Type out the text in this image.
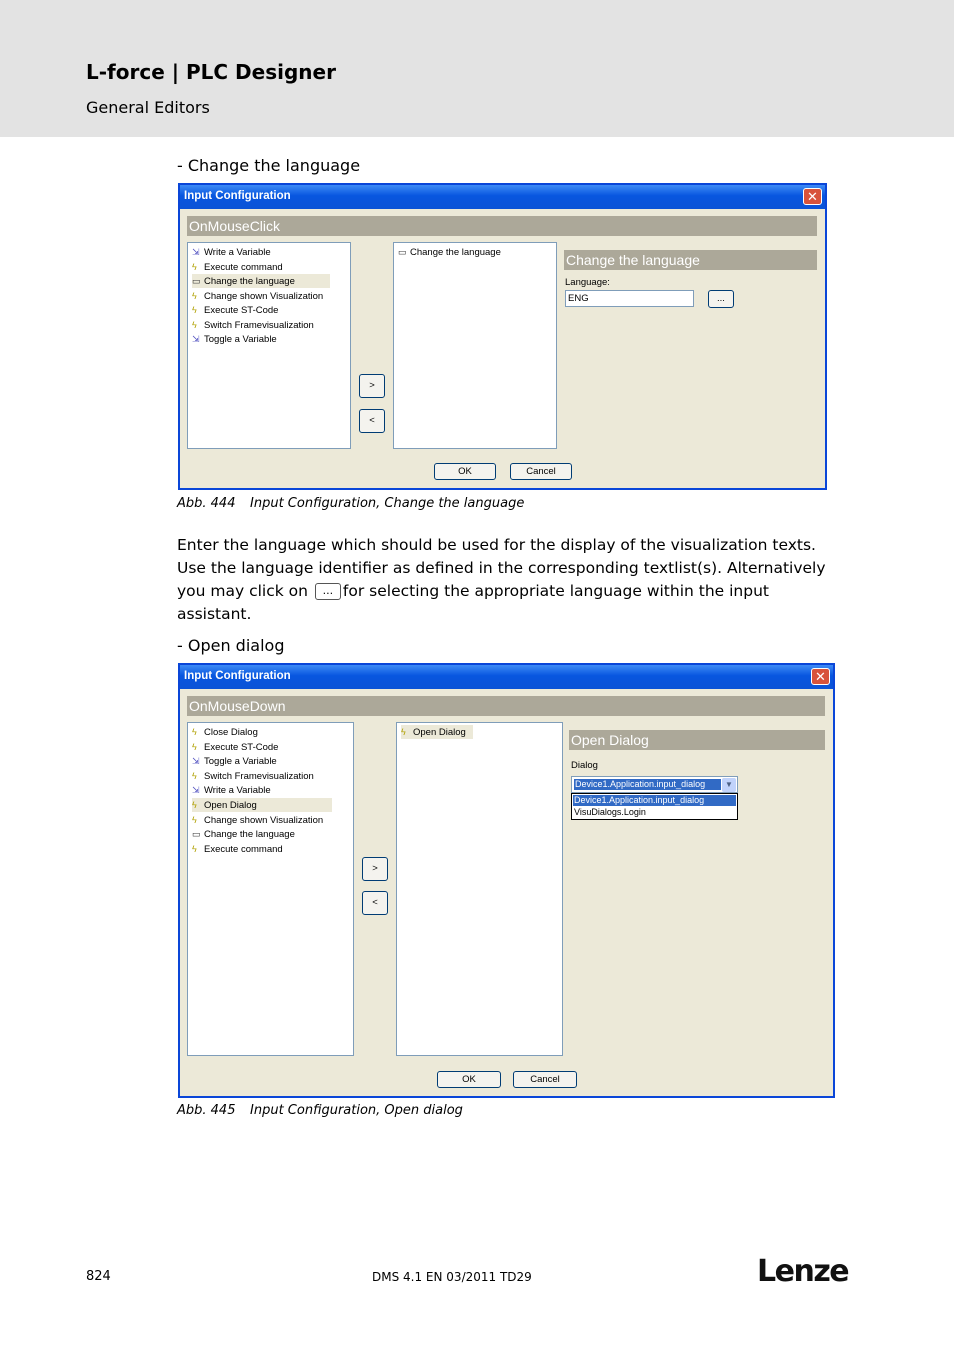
L-force | PLC Designer
General Editors
- Change the language
Input Configuration	✕
OnMouseClick
⇲ Write a Variable
ϟ Execute command
▭ Change the language
ϟ Change shown Visualization
ϟ Execute ST-Code
ϟ Switch Framevisualization
⇲ Toggle a Variable
>
<
▭ Change the language	Change the language
Language:
ENG	...
OK	Cancel
Abb. 444 Input Configuration, Change the language
Enter the language which should be used for the display of the visualization texts. Use the language identifier as defined in the corresponding textlist(s). Alternatively you may click on ... for selecting the appropriate language within the input assistant.
- Open dialog
Input Configuration	✕
OnMouseDown
ϟ Close Dialog
ϟ Execute ST-Code
⇲ Toggle a Variable
ϟ Switch Framevisualization
⇲ Write a Variable
ϟ Open Dialog
ϟ Change shown Visualization
▭ Change the language
ϟ Execute command
>
<
ϟ Open Dialog	Open Dialog
Dialog
Device1.Application.input_dialog	▼
Device1.Application.input_dialog
VisuDialogs.Login
OK	Cancel
Abb. 445 Input Configuration, Open dialog
824	DMS 4.1 EN 03/2011 TD29	Lenze
